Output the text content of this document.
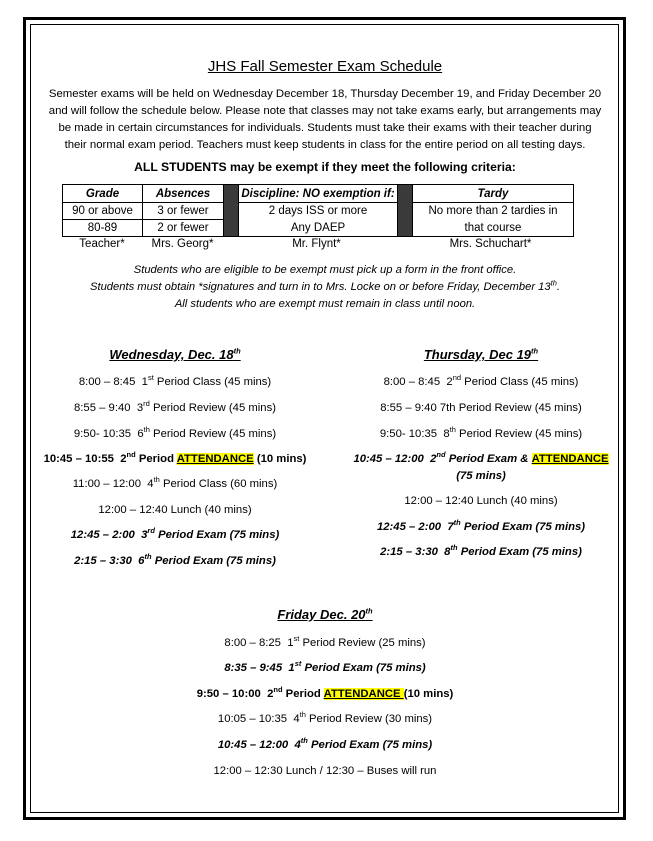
JHS Fall Semester Exam Schedule
Semester exams will be held on Wednesday December 18, Thursday December 19, and Friday December 20
and will follow the schedule below. Please note that classes may not take exams early, but arrangements may
be made in certain circumstances for individuals. Students must take their exams with their teacher during
their normal exam period. Teachers must keep students in class for the entire period on all testing days.
ALL STUDENTS may be exempt if they meet the following criteria:
Grade	Absences		Discipline: NO exemption if:		Tardy
90 or above	3 or fewer		2 days ISS or more		No more than 2 tardies in
80-89	2 or fewer		Any DAEP		that course
Teacher*	Mrs. Georg*	Mr. Flynt*	Mrs. Schuchart*
Students who are eligible to be exempt must pick up a form in the front office.
Students must obtain *signatures and turn in to Mrs. Locke on or before Friday, December 13th.
All students who are exempt must remain in class until noon.
Wednesday, Dec. 18th
8:00 – 8:45 1st Period Class (45 mins)
8:55 – 9:40 3rd Period Review (45 mins)
9:50- 10:35 6th Period Review (45 mins)
10:45 – 10:55 2nd Period ATTENDANCE (10 mins)
11:00 – 12:00 4th Period Class (60 mins)
12:00 – 12:40 Lunch (40 mins)
12:45 – 2:00 3rd Period Exam (75 mins)
2:15 – 3:30 6th Period Exam (75 mins)
Thursday, Dec 19th
8:00 – 8:45 2nd Period Class (45 mins)
8:55 – 9:40 7th Period Review (45 mins)
9:50- 10:35 8th Period Review (45 mins)
10:45 – 12:00 2nd Period Exam & ATTENDANCE
(75 mins)
12:00 – 12:40 Lunch (40 mins)
12:45 – 2:00 7th Period Exam (75 mins)
2:15 – 3:30 8th Period Exam (75 mins)
Friday Dec. 20th
8:00 – 8:25 1st Period Review (25 mins)
8:35 – 9:45 1st Period Exam (75 mins)
9:50 – 10:00 2nd Period ATTENDANCE (10 mins)
10:05 – 10:35 4th Period Review (30 mins)
10:45 – 12:00 4th Period Exam (75 mins)
12:00 – 12:30 Lunch / 12:30 – Buses will run
